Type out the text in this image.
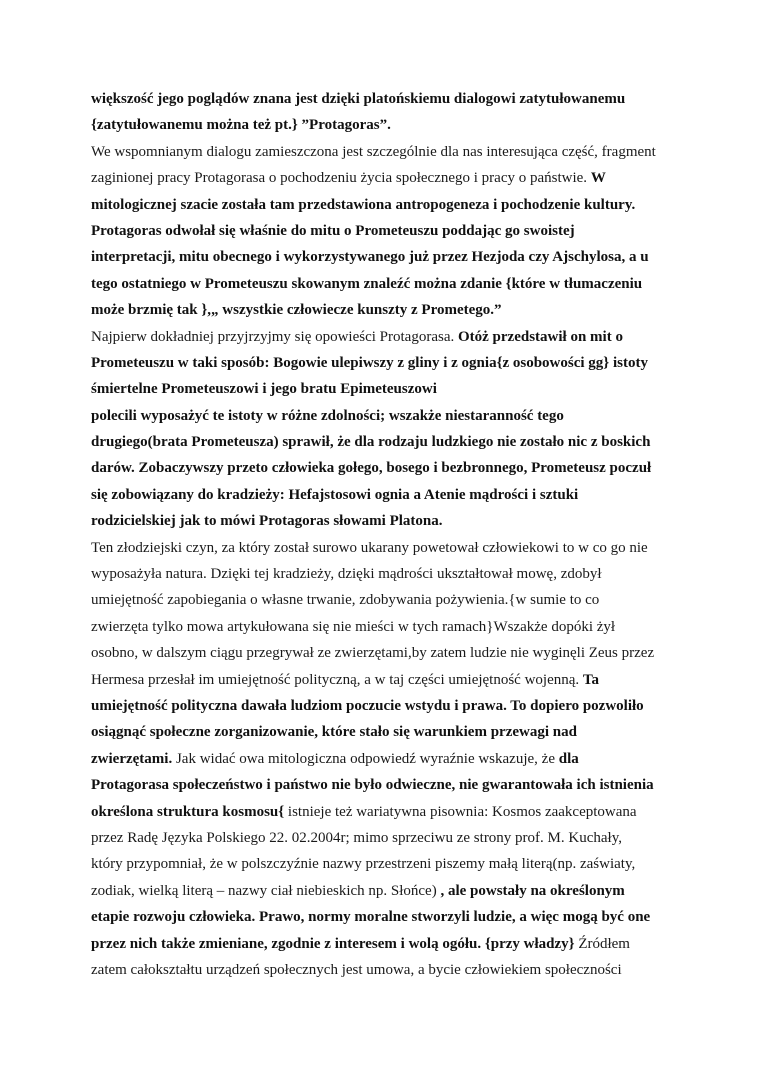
większość jego poglądów znana jest dzięki platońskiemu dialogowi zatytułowanemu
{zatytułowanemu można też pt.} ”Protagoras”.
We wspomnianym dialogu zamieszczona jest szczególnie dla nas interesująca część, fragment
zaginionej pracy Protagorasa o pochodzeniu życia społecznego i pracy o państwie. W
mitologicznej szacie została tam przedstawiona antropogeneza i pochodzenie kultury.
Protagoras odwołał się właśnie do mitu o Prometeuszu poddając go swoistej
interpretacji, mitu obecnego i wykorzystywanego już przez Hezjoda czy Ajschylosa, a u
tego ostatniego w Prometeuszu skowanym znaleźć można zdanie {które w tłumaczeniu
może brzmię tak },„ wszystkie człowiecze kunszty z Prometego.”
Najpierw dokładniej przyjrzyjmy się opowieści Protagorasa. Otóż przedstawił on mit o
Prometeuszu w taki sposób: Bogowie ulepiwszy z gliny i z ognia{z osobowości gg} istoty
śmiertelne Prometeuszowi i jego bratu Epimeteuszowi
polecili wyposażyć te istoty w różne zdolności; wszakże niestaranność tego
drugiego(brata Prometeusza) sprawił, że dla rodzaju ludzkiego nie zostało nic z boskich
darów. Zobaczywszy przeto człowieka gołego, bosego i bezbronnego, Prometeusz poczuł
się zobowiązany do kradzieży: Hefajstosowi ognia a Atenie mądrości i sztuki
rodzicielskiej jak to mówi Protagoras słowami Platona.
Ten złodziejski czyn, za który został surowo ukarany powetował człowiekowi to w co go nie
wyposażyła natura. Dzięki tej kradzieży, dzięki mądrości ukształtował mowę, zdobył
umiejętność zapobiegania o własne trwanie, zdobywania pożywienia.{w sumie to co
zwierzęta tylko mowa artykułowana się nie mieści w tych ramach}Wszakże dopóki żył
osobno, w dalszym ciągu przegrywał ze zwierzętami,by zatem ludzie nie wyginęli Zeus przez
Hermesa przesłał im umiejętność polityczną, a w taj części umiejętność wojenną. Ta
umiejętność polityczna dawała ludziom poczucie wstydu i prawa. To dopiero pozwoliło
osiągnąć społeczne zorganizowanie, które stało się warunkiem przewagi nad
zwierzętami. Jak widać owa mitologiczna odpowiedź wyraźnie wskazuje, że dla
Protagorasa społeczeństwo i państwo nie było odwieczne, nie gwarantowała ich istnienia
określona struktura kosmosu{ istnieje też wariatywna pisownia: Kosmos zaakceptowana
przez Radę Języka Polskiego 22. 02.2004r; mimo sprzeciwu ze strony prof. M. Kuchały,
który przypomniał, że w polszczyźnie nazwy przestrzeni piszemy małą literą(np. zaświaty,
zodiak, wielką literą – nazwy ciał niebieskich np. Słońce) , ale powstały na określonym
etapie rozwoju człowieka. Prawo, normy moralne stworzyli ludzie, a więc mogą być one
przez nich także zmieniane, zgodnie z interesem i wolą ogółu. {przy władzy} Źródłem
zatem całokształtu urządzeń społecznych jest umowa, a bycie człowiekiem społeczności
